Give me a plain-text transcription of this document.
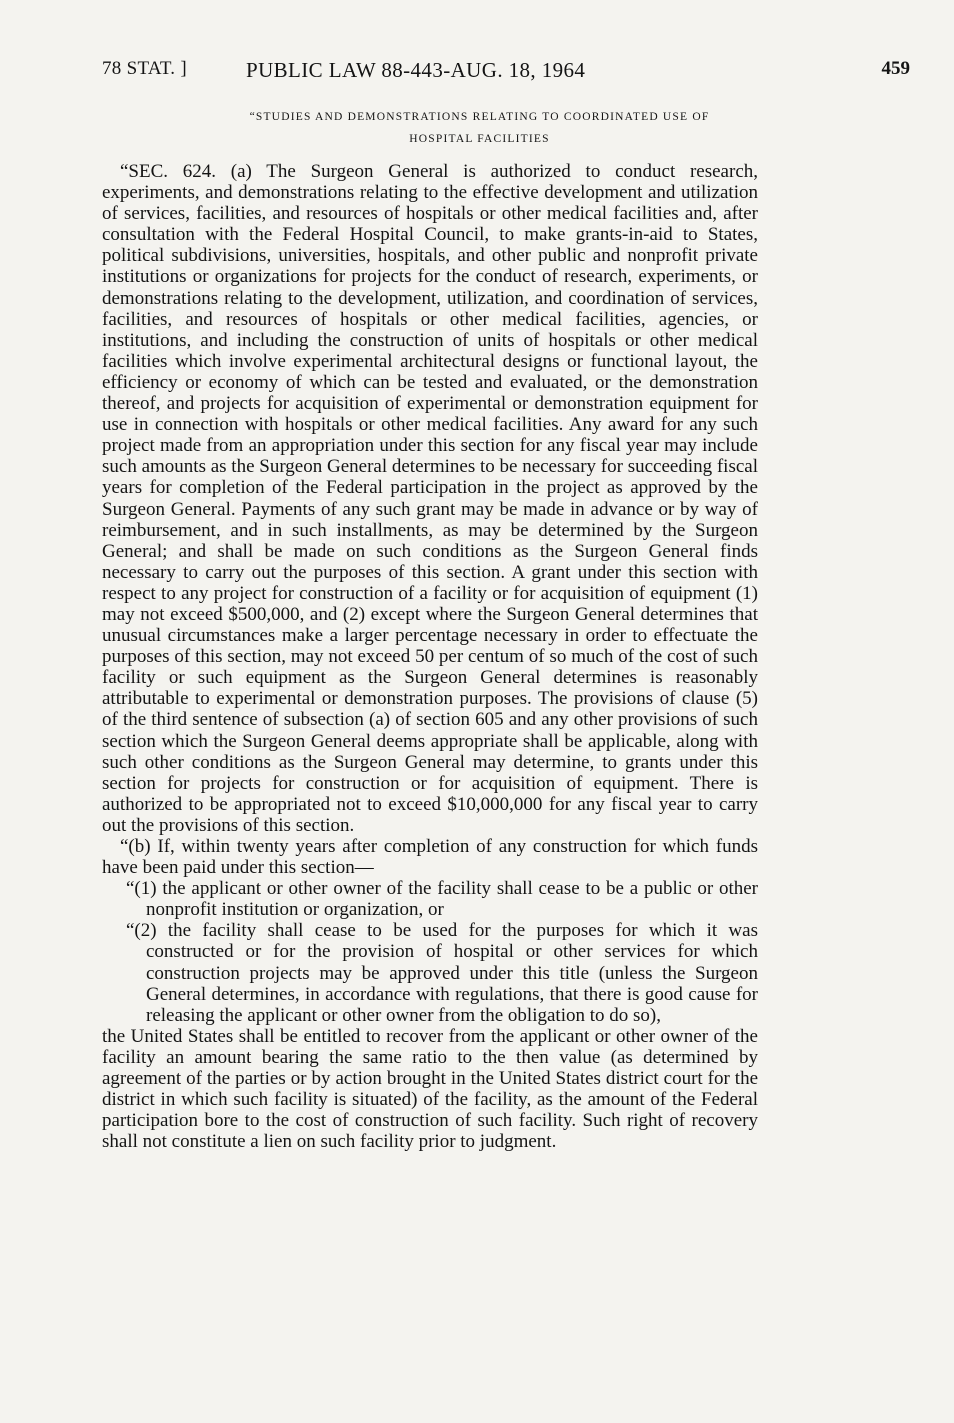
78 STAT. ]	PUBLIC LAW 88-443-AUG. 18, 1964	459
“STUDIES AND DEMONSTRATIONS RELATING TO COORDINATED USE OF
HOSPITAL FACILITIES

“SEC. 624. (a) The Surgeon General is authorized to conduct research, experiments, and demonstrations relating to the effective development and utilization of services, facilities, and resources of hospitals or other medical facilities and, after consultation with the Federal Hospital Council, to make grants-in-aid to States, political subdivisions, universities, hospitals, and other public and nonprofit private institutions or organizations for projects for the conduct of research, experiments, or demonstrations relating to the development, utilization, and coordination of services, facilities, and resources of hospitals or other medical facilities, agencies, or institutions, and including the construction of units of hospitals or other medical facilities which involve experimental architectural designs or functional layout, the efficiency or economy of which can be tested and evaluated, or the demonstration thereof, and projects for acquisition of experimental or demonstration equipment for use in connection with hospitals or other medical facilities. Any award for any such project made from an appropriation under this section for any fiscal year may include such amounts as the Surgeon General determines to be necessary for succeeding fiscal years for completion of the Federal participation in the project as approved by the Surgeon General. Payments of any such grant may be made in advance or by way of reimbursement, and in such installments, as may be determined by the Surgeon General; and shall be made on such conditions as the Surgeon General finds necessary to carry out the purposes of this section. A grant under this section with respect to any project for construction of a facility or for acquisition of equipment (1) may not exceed $500,000, and (2) except where the Surgeon General determines that unusual circumstances make a larger percentage necessary in order to effectuate the purposes of this section, may not exceed 50 per centum of so much of the cost of such facility or such equipment as the Surgeon General determines is reasonably attributable to experimental or demonstration purposes. The provisions of clause (5) of the third sentence of subsection (a) of section 605 and any other provisions of such section which the Surgeon General deems appropriate shall be applicable, along with such other conditions as the Surgeon General may determine, to grants under this section for projects for construction or for acquisition of equipment. There is authorized to be appropriated not to exceed $10,000,000 for any fiscal year to carry out the provisions of this section.

“(b) If, within twenty years after completion of any construction for which funds have been paid under this section—

“(1) the applicant or other owner of the facility shall cease to be a public or other nonprofit institution or organization, or
“(2) the facility shall cease to be used for the purposes for which it was constructed or for the provision of hospital or other services for which construction projects may be approved under this title (unless the Surgeon General determines, in accordance with regulations, that there is good cause for releasing the applicant or other owner from the obligation to do so),

the United States shall be entitled to recover from the applicant or other owner of the facility an amount bearing the same ratio to the then value (as determined by agreement of the parties or by action brought in the United States district court for the district in which such facility is situated) of the facility, as the amount of the Federal participation bore to the cost of construction of such facility. Such right of recovery shall not constitute a lien on such facility prior to judgment.
